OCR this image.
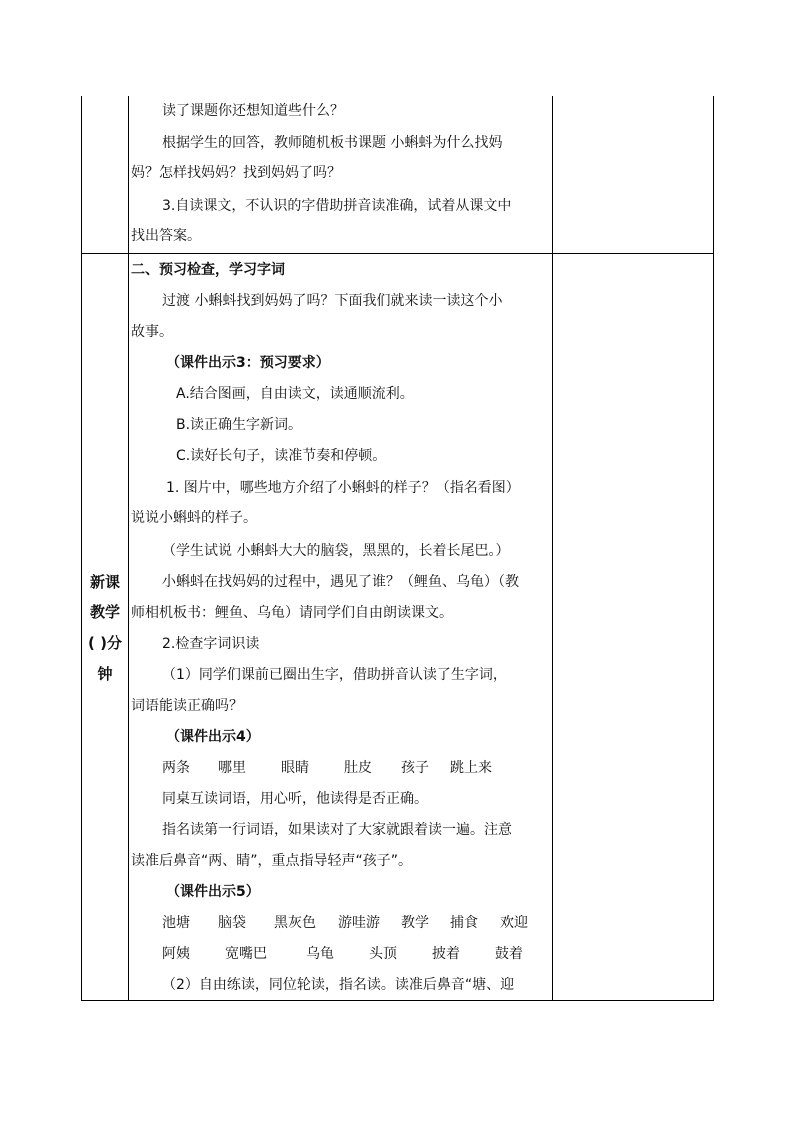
读了课题你还想知道些什么？
根据学生的回答，教师随机板书课题 小蝌蚪为什么找妈
妈？怎样找妈妈？找到妈妈了吗？
3.自读课文，不认识的字借助拼音读准确，试着从课文中
找出答案。
新课
教学
( )分
钟
二、预习检查，学习字词
过渡 小蝌蚪找到妈妈了吗？下面我们就来读一读这个小
故事。
（课件出示3：预习要求）
A.结合图画，自由读文，读通顺流利。
B.读正确生字新词。
C.读好长句子，读准节奏和停顿。
1. 图片中，哪些地方介绍了小蝌蚪的样子？（指名看图）
说说小蝌蚪的样子。
（学生试说 小蝌蚪大大的脑袋，黑黑的，长着长尾巴。）
小蝌蚪在找妈妈的过程中，遇见了谁？（鲤鱼、乌龟）（教
师相机板书：鲤鱼、乌龟）请同学们自由朗读课文。
2.检查字词识读
（1）同学们课前已圈出生字，借助拼音认读了生字词，
词语能读正确吗？
（课件出示4）
两条 哪里	眼睛	肚皮 孩子 跳上来
同桌互读词语，用心听，他读得是否正确。
指名读第一行词语，如果读对了大家就跟着读一遍。注意
读准后鼻音“两、睛”，重点指导轻声“孩子”。
（课件出示5）
池塘 脑袋 黑灰色 游哇游 教学 捕食 欢迎
阿姨	宽嘴巴	乌龟	头顶	披着	鼓着
（2）自由练读，同位轮读，指名读。读准后鼻音“塘、迎
